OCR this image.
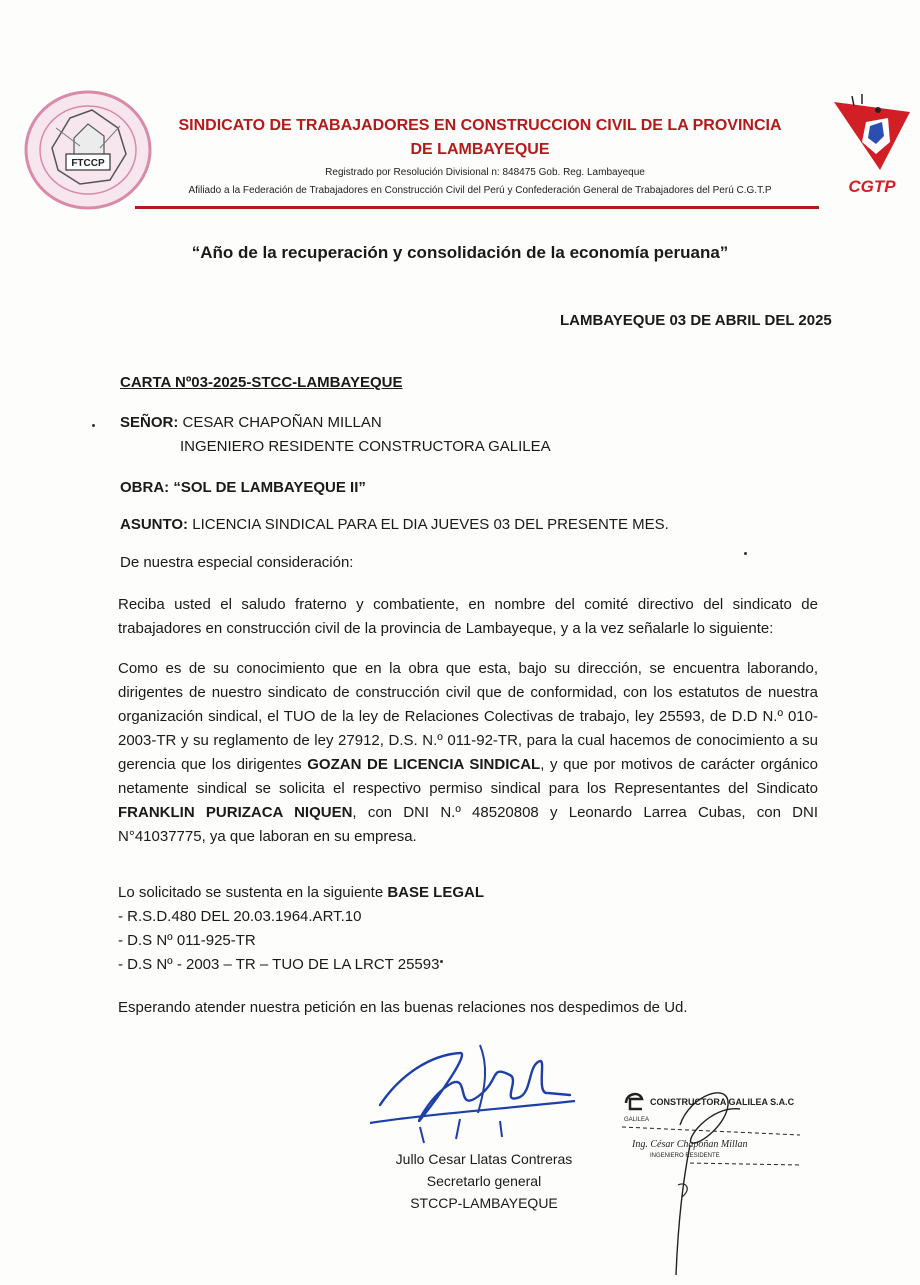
FTCCP
CGTP
SINDICATO DE TRABAJADORES EN CONSTRUCCION CIVIL DE LA PROVINCIA DE LAMBAYEQUE
Registrado por Resolución Divisional n: 848475 Gob. Reg. Lambayeque
Afiliado a la Federación de Trabajadores en Construcción Civil del Perú y Confederación General de Trabajadores del Perú C.G.T.P
“Año de la recuperación y consolidación de la economía peruana”
LAMBAYEQUE 03 DE ABRIL DEL 2025
CARTA Nº03-2025-STCC-LAMBAYEQUE
SEÑOR: CESAR CHAPOÑAN MILLAN
INGENIERO RESIDENTE CONSTRUCTORA GALILEA
OBRA: “SOL DE LAMBAYEQUE II”
ASUNTO: LICENCIA SINDICAL PARA EL DIA JUEVES 03 DEL PRESENTE MES.
De nuestra especial consideración:
Reciba usted el saludo fraterno y combatiente, en nombre del comité directivo del sindicato de trabajadores en construcción civil de la provincia de Lambayeque, y a la vez señalarle lo siguiente:
Como es de su conocimiento que en la obra que esta, bajo su dirección, se encuentra laborando, dirigentes de nuestro sindicato de construcción civil que de conformidad, con los estatutos de nuestra organización sindical, el TUO de la ley de Relaciones Colectivas de trabajo, ley 25593, de D.D N.º 010-2003-TR y su reglamento de ley 27912, D.S. N.º 011-92-TR, para la cual hacemos de conocimiento a su gerencia que los dirigentes GOZAN DE LICENCIA SINDICAL, y que por motivos de carácter orgánico netamente sindical se solicita el respectivo permiso sindical para los Representantes del Sindicato FRANKLIN PURIZACA NIQUEN, con DNI N.º 48520808 y Leonardo Larrea Cubas, con DNI N°41037775, ya que laboran en su empresa.
Lo solicitado se sustenta en la siguiente BASE LEGAL
- R.S.D.480 DEL 20.03.1964.ART.10
- D.S Nº 011-925-TR
- D.S Nº - 2003 – TR – TUO DE LA LRCT 25593
Esperando atender nuestra petición en las buenas relaciones nos despedimos de Ud.
Jullo Cesar Llatas Contreras
Secretarlo general
STCCP-LAMBAYEQUE
CONSTRUCTORA GALILEA S.A.C
GALILEA
Ing. César Chapoñan Millan
INGENIERO RESIDENTE
